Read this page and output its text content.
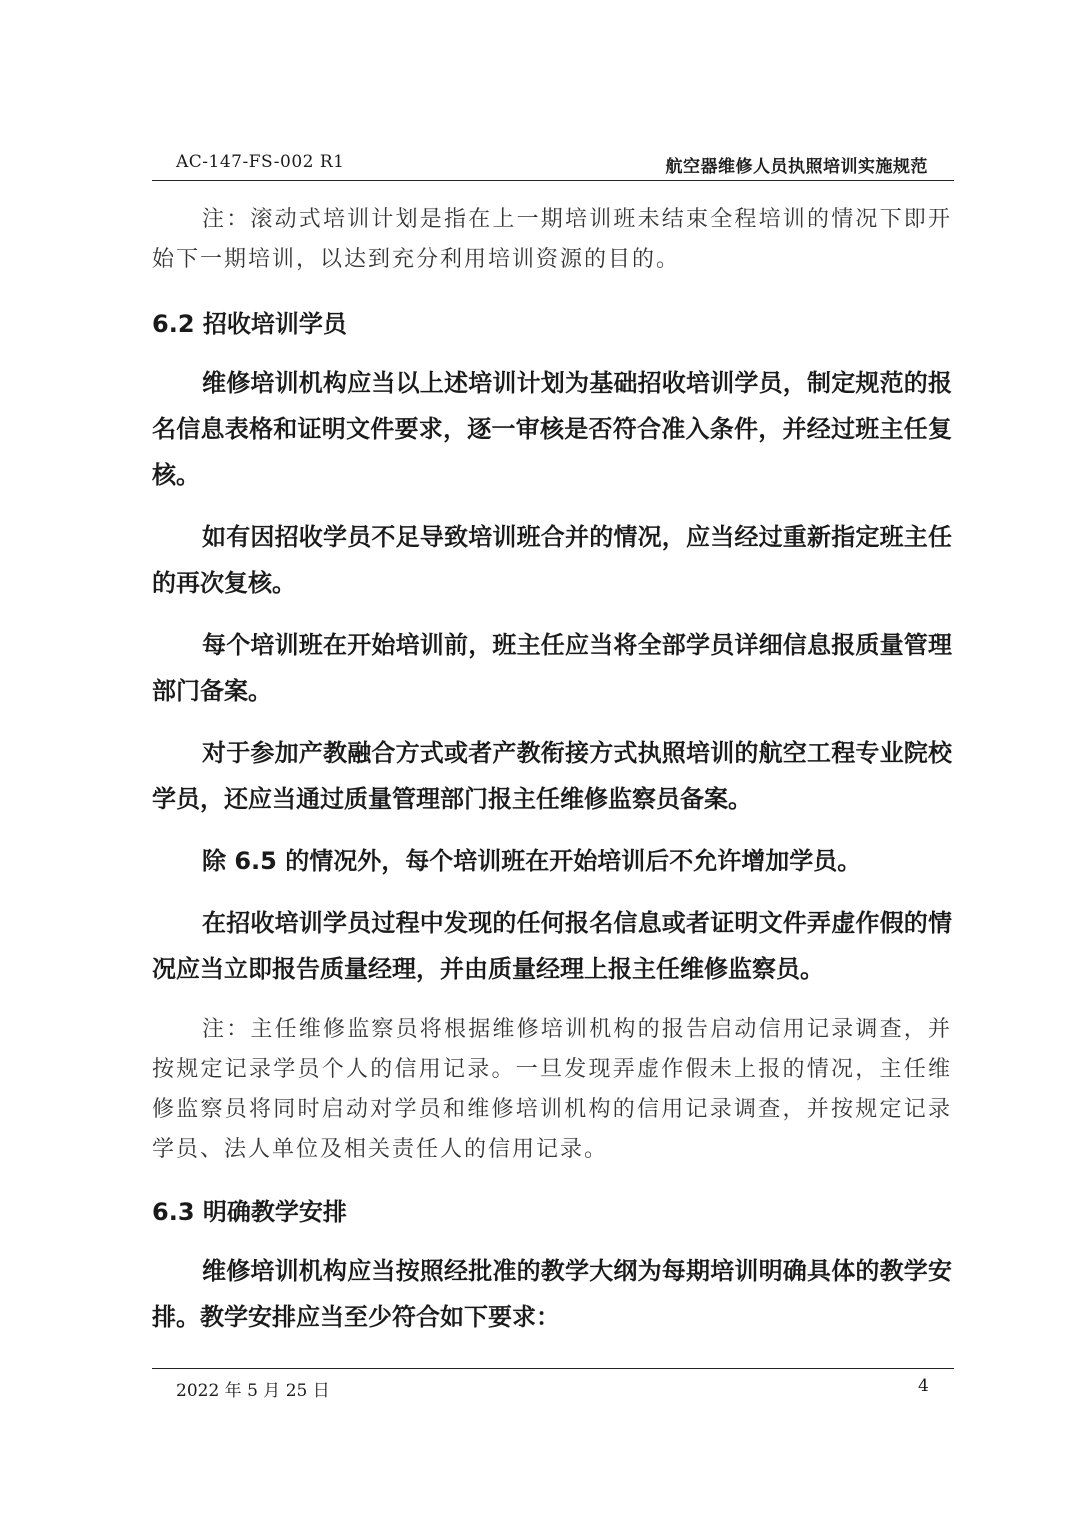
AC-147-FS-002 R1	航空器维修人员执照培训实施规范

注：滚动式培训计划是指在上一期培训班未结束全程培训的情况下即开始下一期培训，以达到充分利用培训资源的目的。

6.2 招收培训学员

维修培训机构应当以上述培训计划为基础招收培训学员，制定规范的报名信息表格和证明文件要求，逐一审核是否符合准入条件，并经过班主任复核。

如有因招收学员不足导致培训班合并的情况，应当经过重新指定班主任的再次复核。

每个培训班在开始培训前，班主任应当将全部学员详细信息报质量管理部门备案。

对于参加产教融合方式或者产教衔接方式执照培训的航空工程专业院校学员，还应当通过质量管理部门报主任维修监察员备案。

除 6.5 的情况外，每个培训班在开始培训后不允许增加学员。

在招收培训学员过程中发现的任何报名信息或者证明文件弄虚作假的情况应当立即报告质量经理，并由质量经理上报主任维修监察员。

注：主任维修监察员将根据维修培训机构的报告启动信用记录调查，并按规定记录学员个人的信用记录。一旦发现弄虚作假未上报的情况，主任维修监察员将同时启动对学员和维修培训机构的信用记录调查，并按规定记录学员、法人单位及相关责任人的信用记录。

6.3 明确教学安排

维修培训机构应当按照经批准的教学大纲为每期培训明确具体的教学安排。教学安排应当至少符合如下要求：

2022 年 5 月 25 日	4
